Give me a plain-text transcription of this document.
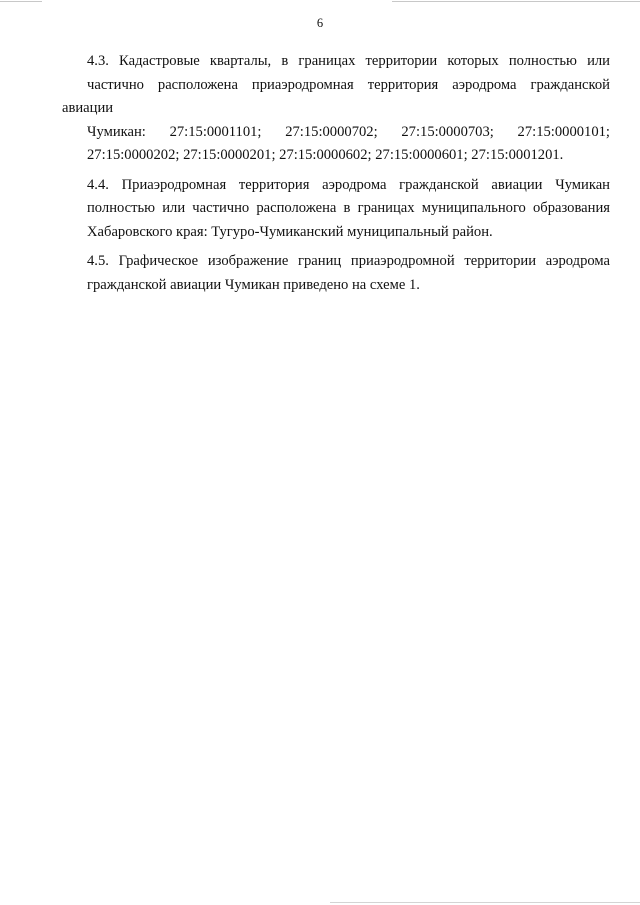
6

4.3. Кадастровые кварталы, в границах территории которых полностью или
частично расположена приаэродромная территория аэродрома гражданской авиации
Чумикан: 27:15:0001101; 27:15:0000702; 27:15:0000703; 27:15:0000101;
27:15:0000202; 27:15:0000201; 27:15:0000602; 27:15:0000601; 27:15:0001201.

4.4. Приаэродромная территория аэродрома гражданской авиации Чумикан
полностью или частично расположена в границах муниципального образования
Хабаровского края: Тугуро-Чумиканский муниципальный район.

4.5. Графическое изображение границ приаэродромной территории аэродрома
гражданской авиации Чумикан приведено на схеме 1.
